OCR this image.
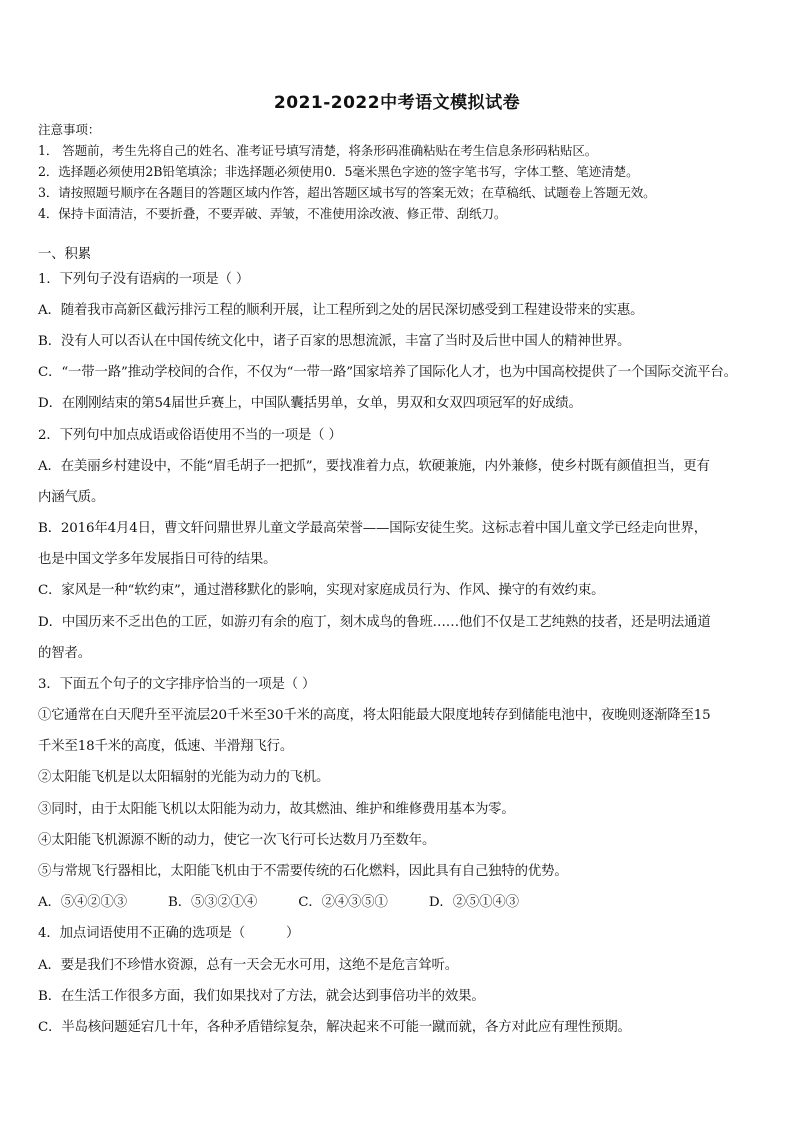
2021-2022中考语文模拟试卷
注意事项：
1． 答题前，考生先将自己的姓名、准考证号填写清楚，将条形码准确粘贴在考生信息条形码粘贴区。
2．选择题必须使用2B铅笔填涂；非选择题必须使用0．5毫米黑色字迹的签字笔书写，字体工整、笔迹清楚。
3．请按照题号顺序在各题目的答题区域内作答，超出答题区域书写的答案无效；在草稿纸、试题卷上答题无效。
4．保持卡面清洁，不要折叠，不要弄破、弄皱，不准使用涂改液、修正带、刮纸刀。
一、积累
1．下列句子没有语病的一项是（ ）
A．随着我市高新区截污排污工程的顺利开展，让工程所到之处的居民深切感受到工程建设带来的实惠。
B．没有人可以否认在中国传统文化中，诸子百家的思想流派，丰富了当时及后世中国人的精神世界。
C．“一带一路”推动学校间的合作，不仅为“一带一路”国家培养了国际化人才，也为中国高校提供了一个国际交流平台。
D．在刚刚结束的第54届世乒赛上，中国队囊括男单，女单，男双和女双四项冠军的好成绩。
2．下列句中加点成语或俗语使用不当的一项是（ ）
A．在美丽乡村建设中，不能“眉毛胡子一把抓”，要找准着力点，软硬兼施，内外兼修，使乡村既有颜值担当，更有
内涵气质。
B．2016年4月4日，曹文轩问鼎世界儿童文学最高荣誉——国际安徒生奖。这标志着中国儿童文学已经走向世界，
也是中国文学多年发展指日可待的结果。
C．家风是一种“软约束”，通过潜移默化的影响，实现对家庭成员行为、作风、操守的有效约束。
D．中国历来不乏出色的工匠，如游刃有余的庖丁，刻木成鸟的鲁班……他们不仅是工艺纯熟的技者，还是明法通道
的智者。
3．下面五个句子的文字排序恰当的一项是（ ）
①它通常在白天爬升至平流层20千米至30千米的高度，将太阳能最大限度地转存到储能电池中，夜晚则逐渐降至15
千米至18千米的高度，低速、半滑翔飞行。
②太阳能飞机是以太阳辐射的光能为动力的飞机。
③同时，由于太阳能飞机以太阳能为动力，故其燃油、维护和维修费用基本为零。
④太阳能飞机源源不断的动力，使它一次飞行可长达数月乃至数年。
⑤与常规飞行器相比，太阳能飞机由于不需要传统的石化燃料，因此具有自己独特的优势。
A．⑤④②①③          B．⑤③②①④          C．②④③⑤①          D．②⑤①④③
4．加点词语使用不正确的选项是（          ）
A．要是我们不珍惜水资源，总有一天会无水可用，这绝不是危言耸听。
B．在生活工作很多方面，我们如果找对了方法，就会达到事倍功半的效果。
C．半岛核问题延宕几十年，各种矛盾错综复杂，解决起来不可能一蹴而就，各方对此应有理性预期。
